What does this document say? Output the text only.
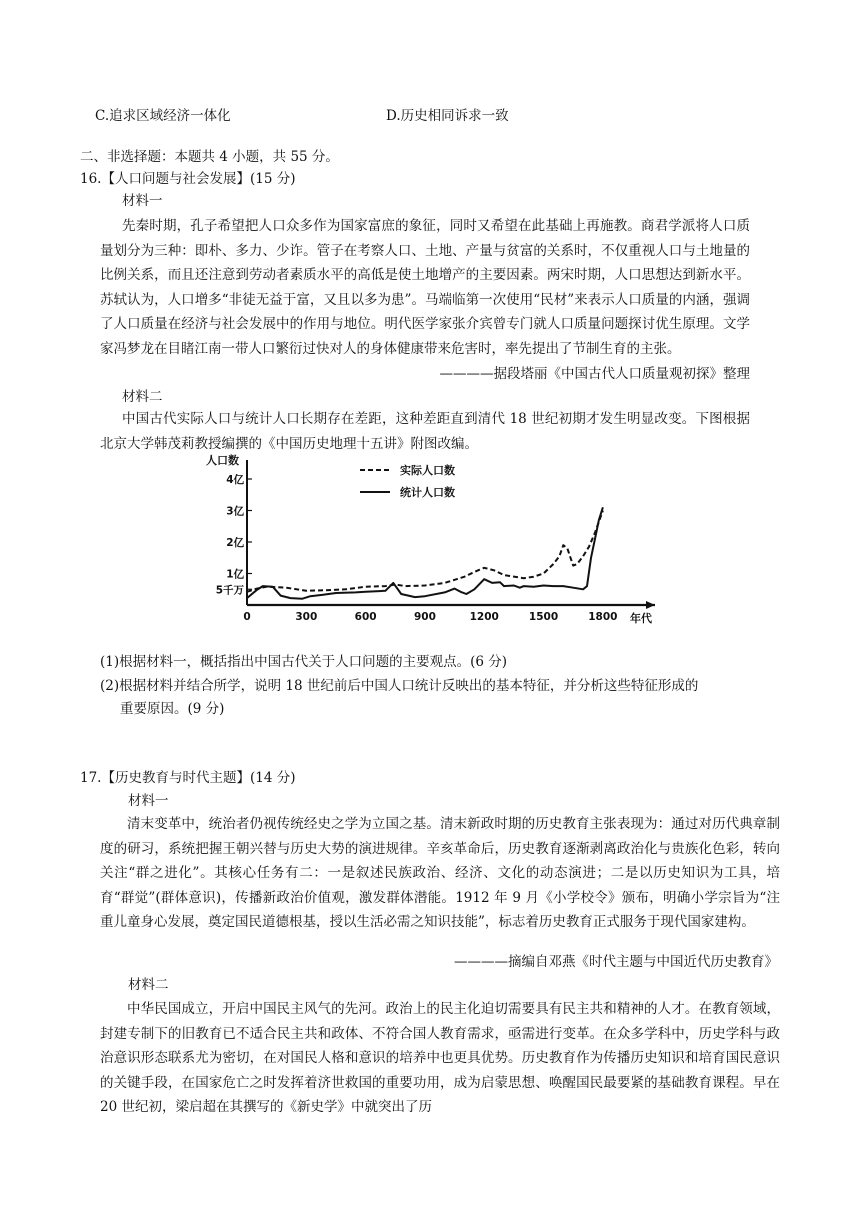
C.追求区域经济一体化	D.历史相同诉求一致
二、非选择题：本题共 4 小题，共 55 分。
16.【人口问题与社会发展】(15 分)
材料一
先秦时期，孔子希望把人口众多作为国家富庶的象征，同时又希望在此基础上再施教。商君学派将人口质量划分为三种：即朴、多力、少诈。管子在考察人口、土地、产量与贫富的关系时，不仅重视人口与土地量的比例关系，而且还注意到劳动者素质水平的高低是使土地增产的主要因素。两宋时期，人口思想达到新水平。苏轼认为，人口增多“非徒无益于富，又且以多为患”。马端临第一次使用“民材”来表示人口质量的内涵，强调了人口质量在经济与社会发展中的作用与地位。明代医学家张介宾曾专门就人口质量问题探讨优生原理。文学家冯梦龙在目睹江南一带人口繁衍过快对人的身体健康带来危害时，率先提出了节制生育的主张。
————据段塔丽《中国古代人口质量观初探》整理
材料二
中国古代实际人口与统计人口长期存在差距，这种差距直到清代 18 世纪初期才发生明显改变。下图根据北京大学韩茂莉教授编撰的《中国历史地理十五讲》附图改编。
人口数
年代
5千万
1亿
2亿
3亿
4亿
0	300	600	900	1200	1500	1800
实际人口数
统计人口数
(1)根据材料一，概括指出中国古代关于人口问题的主要观点。(6 分)
(2)根据材料并结合所学，说明 18 世纪前后中国人口统计反映出的基本特征，并分析这些特征形成的
重要原因。(9 分)
17.【历史教育与时代主题】(14 分)
材料一
清末变革中，统治者仍视传统经史之学为立国之基。清末新政时期的历史教育主张表现为：通过对历代典章制度的研习，系统把握王朝兴替与历史大势的演进规律。辛亥革命后，历史教育逐渐剥离政治化与贵族化色彩，转向关注“群之进化”。其核心任务有二：一是叙述民族政治、经济、文化的动态演进；二是以历史知识为工具，培育“群觉”(群体意识)，传播新政治价值观，激发群体潜能。1912 年 9 月《小学校令》颁布，明确小学宗旨为“注重儿童身心发展，奠定国民道德根基，授以生活必需之知识技能”，标志着历史教育正式服务于现代国家建构。
————摘编自邓燕《时代主题与中国近代历史教育》
材料二
中华民国成立，开启中国民主风气的先河。政治上的民主化迫切需要具有民主共和精神的人才。在教育领域，封建专制下的旧教育已不适合民主共和政体、不符合国人教育需求，亟需进行变革。在众多学科中，历史学科与政治意识形态联系尤为密切，在对国民人格和意识的培养中也更具优势。历史教育作为传播历史知识和培育国民意识的关键手段，在国家危亡之时发挥着济世救国的重要功用，成为启蒙思想、唤醒国民最要紧的基础教育课程。早在 20 世纪初，梁启超在其撰写的《新史学》中就突出了历
